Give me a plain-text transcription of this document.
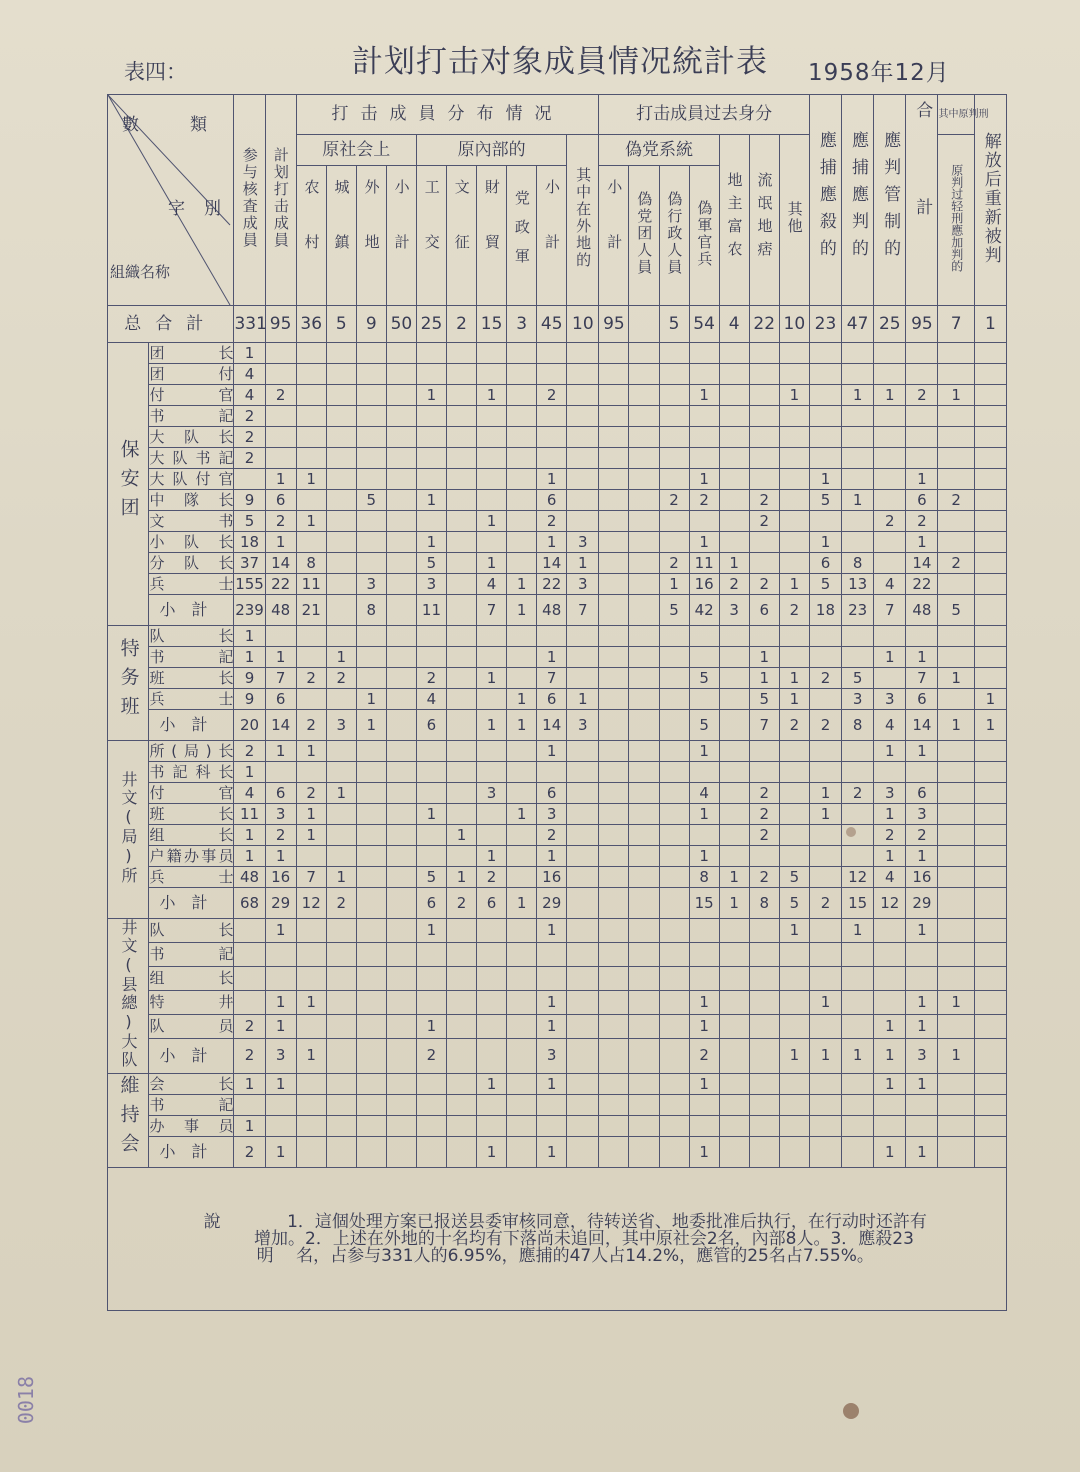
表四：	計划打击对象成員情况統計表 1958年12月
0018
數 類
字 別
組織名称		参与核査成員	計划打击成員	打击成員分布情况										打击成員过去身分							應捕應殺的	應捕應判的	應判管制的	合計	其中原判刑	解放后重新被判
				原社会上				原內部的					其中在外地的	偽党系統				地主富农	流氓地痞	其他					原判过轻刑應加判的	
				农村	城鎮	外地	小計	工交	文征	財貿	党政軍	小計		小計	偽党团人員	偽行政人員	偽軍官兵									
总合計		331	95	36	5	9	50	25	2	15	3	45	10	95		5	54	4	22	10	23	47	25	95	7	1
保安团	团长	1																								
	团付	4																								
	付官	4	2					1		1		2					1			1		1	1	2	1	
	书記	2																								
	大队长	2																								
	大队书記	2																								
	大队付官		1	1								1					1				1			1		
	中隊长	9	6			5		1				6				2	2		2		5	1		6	2	
	文书	5	2	1						1		2							2				2	2		
	小队长	18	1					1				1	3				1				1			1		
	分队长	37	14	8				5		1		14	1			2	11	1			6	8		14	2	
	兵士	155	22	11		3		3		4	1	22	3			1	16	2	2	1	5	13	4	22		
	小計	239	48	21		8		11		7	1	48	7			5	42	3	6	2	18	23	7	48	5	
特务班	队长	1																								
	书記	1	1		1							1							1				1	1		
	班长	9	7	2	2			2		1		7					5		1	1	2	5		7	1	
	兵士	9	6			1		4			1	6	1						5	1		3	3	6		1
	小計	20	14	2	3	1		6		1	1	14	3				5		7	2	2	8	4	14	1	1
井文(局)所	所(局)长	2	1	1								1					1						1	1		
	书記科长	1																								
	付官	4	6	2	1					3		6					4		2		1	2	3	6		
	班长	11	3	1				1			1	3					1		2		1		1	3		
	组长	1	2	1					1			2							2				2	2		
	户籍办事员	1	1							1		1					1						1	1		
	兵士	48	16	7	1			5	1	2		16					8	1	2	5		12	4	16		
	小計	68	29	12	2			6	2	6	1	29					15	1	8	5	2	15	12	29		
井文(县總)大队	队长		1					1				1								1		1		1		
	书記																									
	组长																									
	特井		1	1								1					1				1			1	1	
	队员	2	1					1				1					1						1	1		
	小計	2	3	1				2				3					2			1	1	1	1	3	1	
維持会	会长	1	1							1		1					1						1	1		
	书記																									
	办事员	1																								
	小計	2	1							1		1					1						1	1		

說 1．這個处理方案已报送县委审核同意，待转送省、地委批准后执行，在行动时还許有
增加。2．上述在外地的十名均有下落尚未追回，其中原社会2名，內部8人。3．應殺23
明 名，占参与331人的6.95%，應捕的47人占14.2%，應管的25名占7.55%。																										
